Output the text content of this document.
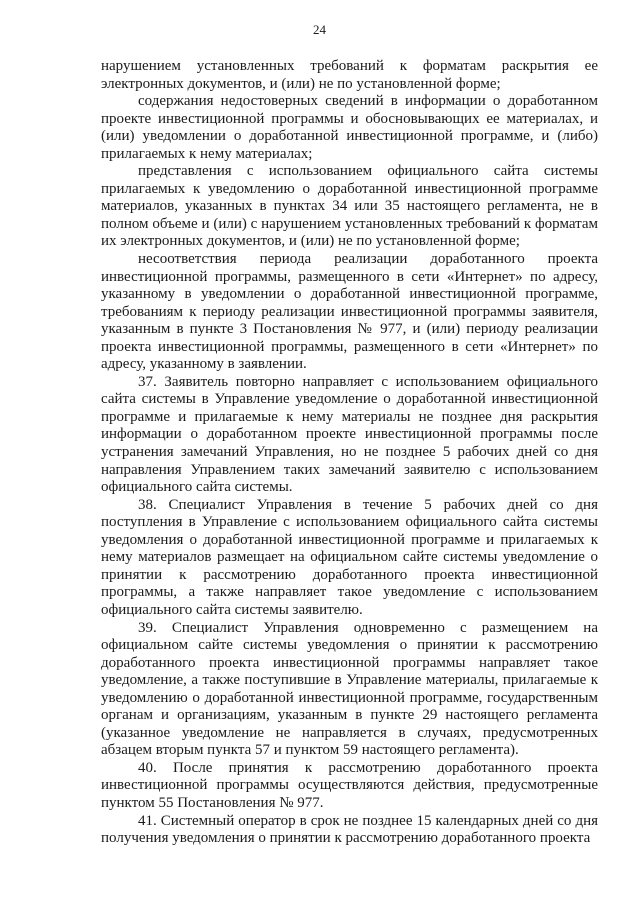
24

нарушением установленных требований к форматам раскрытия ее электронных документов, и (или) не по установленной форме;

содержания недостоверных сведений в информации о доработанном проекте инвестиционной программы и обосновывающих ее материалах, и (или) уведомлении о доработанной инвестиционной программе, и (либо) прилагаемых к нему материалах;

представления с использованием официального сайта системы прилагаемых к уведомлению о доработанной инвестиционной программе материалов, указанных в пунктах 34 или 35 настоящего регламента, не в полном объеме и (или) с нарушением установленных требований к форматам их электронных документов, и (или) не по установленной форме;

несоответствия периода реализации доработанного проекта инвестиционной программы, размещенного в сети «Интернет» по адресу, указанному в уведомлении о доработанной инвестиционной программе, требованиям к периоду реализации инвестиционной программы заявителя, указанным в пункте 3 Постановления № 977, и (или) периоду реализации проекта инвестиционной программы, размещенного в сети «Интернет» по адресу, указанному в заявлении.

37. Заявитель повторно направляет с использованием официального сайта системы в Управление уведомление о доработанной инвестиционной программе и прилагаемые к нему материалы не позднее дня раскрытия информации о доработанном проекте инвестиционной программы после устранения замечаний Управления, но не позднее 5 рабочих дней со дня направления Управлением таких замечаний заявителю с использованием официального сайта системы.

38. Специалист Управления в течение 5 рабочих дней со дня поступления в Управление с использованием официального сайта системы уведомления о доработанной инвестиционной программе и прилагаемых к нему материалов размещает на официальном сайте системы уведомление о принятии к рассмотрению доработанного проекта инвестиционной программы, а также направляет такое уведомление с использованием официального сайта системы заявителю.

39. Специалист Управления одновременно с размещением на официальном сайте системы уведомления о принятии к рассмотрению доработанного проекта инвестиционной программы направляет такое уведомление, а также поступившие в Управление материалы, прилагаемые к уведомлению о доработанной инвестиционной программе, государственным органам и организациям, указанным в пункте 29 настоящего регламента (указанное уведомление не направляется в случаях, предусмотренных абзацем вторым пункта 57 и пунктом 59 настоящего регламента).

40. После принятия к рассмотрению доработанного проекта инвестиционной программы осуществляются действия, предусмотренные пунктом 55 Постановления № 977.

41. Системный оператор в срок не позднее 15 календарных дней со дня получения уведомления о принятии к рассмотрению доработанного проекта
